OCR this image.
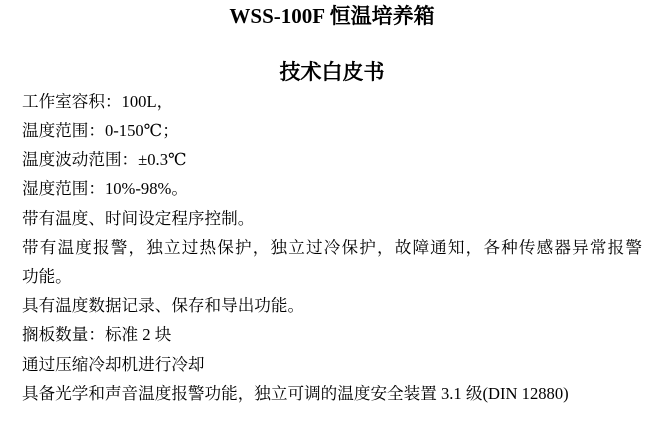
WSS-100F 恒温培养箱
技术白皮书
工作室容积：100L，
温度范围：0-150℃；
温度波动范围：±0.3℃
湿度范围：10%-98%。
带有温度、时间设定程序控制。
带有温度报警，独立过热保护，独立过冷保护，故障通知，各种传感器异常报警
功能。
具有温度数据记录、保存和导出功能。
搁板数量：标准 2 块
通过压缩冷却机进行冷却
具备光学和声音温度报警功能，独立可调的温度安全装置 3.1 级(DIN 12880)
